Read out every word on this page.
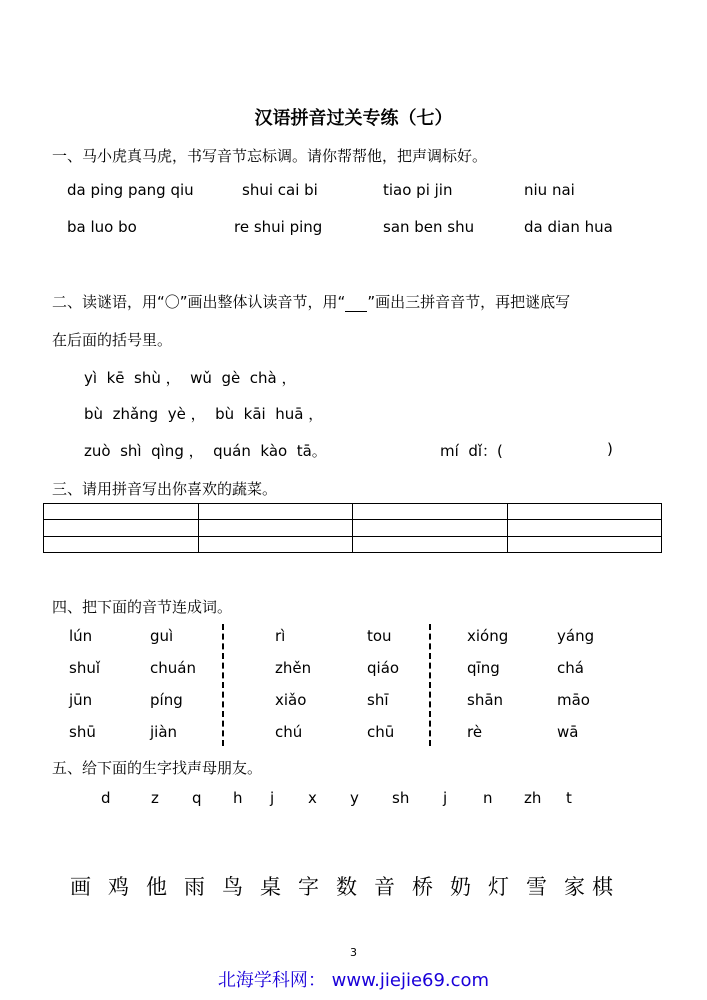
汉语拼音过关专练（七）
一、马小虎真马虎，书写音节忘标调。请你帮帮他，把声调标好。
da ping pang qiu	shui cai bi	tiao pi jin	niu nai
ba luo bo	re shui ping	san ben shu	da dian hua
二、读谜语，用“〇”画出整体认读音节，用“ ”画出三拼音音节，再把谜底写
在后面的括号里。
yì  kē  shù ，  wǔ  gè  chà ，
bù  zhǎng  yè ，  bù  kāi  huā ，
zuò  shì  qìng ，  quán  kào  tā。	mí  dǐ：(	)
三、请用拼音写出你喜欢的蔬菜。

四、把下面的音节连成词。
lún	guì	rì	tou	xióng	yáng
shuǐ	chuán	zhěn	qiáo	qīng	chá
jūn	píng	xiǎo	shī	shān	māo
shū	jiàn	chú	chū	rè	wā
五、给下面的生字找声母朋友。
d	z q h j x y sh j n zh t
画 鸡 他 雨 鸟 桌 字 数 音 桥 奶 灯 雪 家 棋
3
北海学科网： www.jiejie69.com
